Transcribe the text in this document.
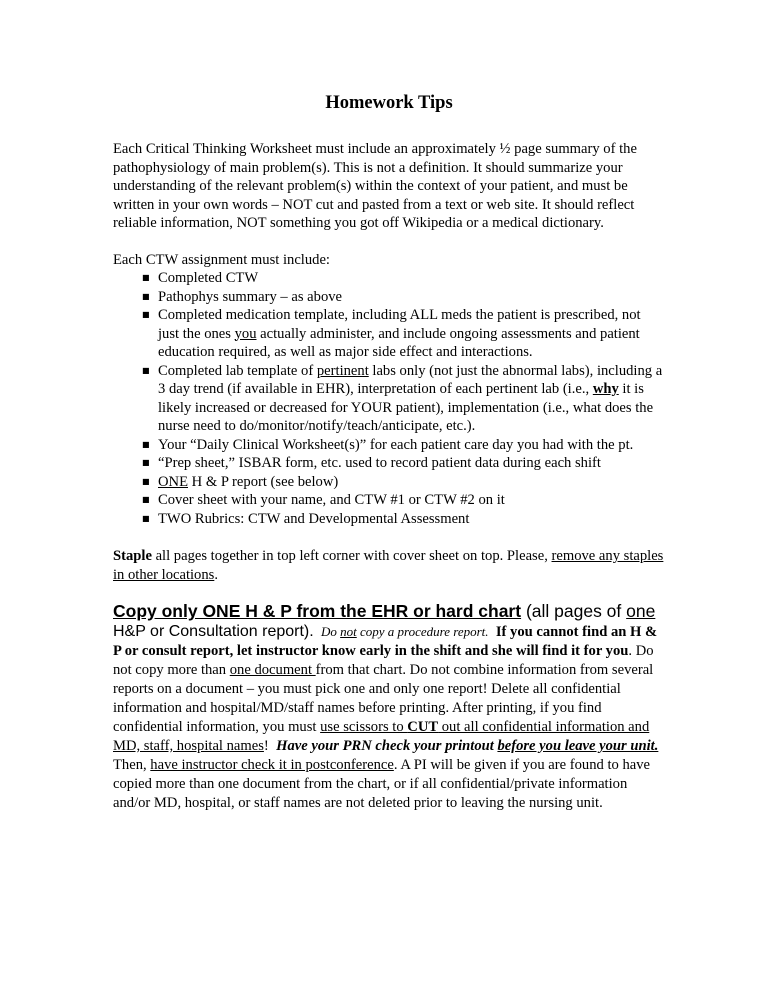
Homework Tips

Each Critical Thinking Worksheet must include an approximately ½ page summary of the pathophysiology of main problem(s). This is not a definition. It should summarize your understanding of the relevant problem(s) within the context of your patient, and must be written in your own words – NOT cut and pasted from a text or web site. It should reflect reliable information, NOT something you got off Wikipedia or a medical dictionary.

Each CTW assignment must include:

■ Completed CTW
■ Pathophys summary – as above
■ Completed medication template, including ALL meds the patient is prescribed, not just the ones you actually administer, and include ongoing assessments and patient education required, as well as major side effect and interactions.
■ Completed lab template of pertinent labs only (not just the abnormal labs), including a 3 day trend (if available in EHR), interpretation of each pertinent lab (i.e., why it is likely increased or decreased for YOUR patient), implementation (i.e., what does the nurse need to do/monitor/notify/teach/anticipate, etc.).
■ Your “Daily Clinical Worksheet(s)” for each patient care day you had with the pt.
■ “Prep sheet,” ISBAR form, etc. used to record patient data during each shift
■ ONE H & P report (see below)
■ Cover sheet with your name, and CTW #1 or CTW #2 on it
■ TWO Rubrics: CTW and Developmental Assessment

Staple all pages together in top left corner with cover sheet on top. Please, remove any staples in other locations.

Copy only ONE H & P from the EHR or hard chart (all pages of one
H&P or Consultation report). Do not copy a procedure report. If you cannot find an H & P or consult report, let instructor know early in the shift and she will find it for you. Do not copy more than one document from that chart. Do not combine information from several reports on a document – you must pick one and only one report! Delete all confidential information and hospital/MD/staff names before printing. After printing, if you find confidential information, you must use scissors to CUT out all confidential information and MD, staff, hospital names! Have your PRN check your printout before you leave your unit. Then, have instructor check it in postconference. A PI will be given if you are found to have copied more than one document from the chart, or if all confidential/private information and/or MD, hospital, or staff names are not deleted prior to leaving the nursing unit.
